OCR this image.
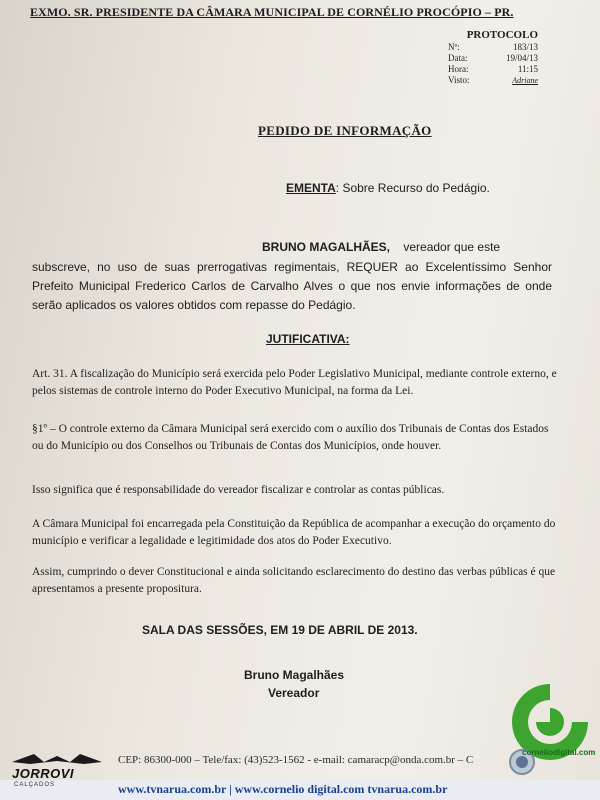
EXMO. SR. PRESIDENTE DA CÂMARA MUNICIPAL DE CORNÉLIO PROCÓPIO – PR.
PROTOCOLO
Nº:	183/13
Data:	19/04/13
Hora:	11:15
Visto:	Adriane
PEDIDO DE INFORMAÇÃO
EMENTA: Sobre Recurso do Pedágio.
BRUNO MAGALHÃES, vereador que este
subscreve, no uso de suas prerrogativas regimentais, REQUER ao Excelentíssimo Senhor Prefeito Municipal Frederico Carlos de Carvalho Alves o que nos envie informações de onde serão aplicados os valores obtidos com repasse do Pedágio.
JUTIFICATIVA:
Art. 31. A fiscalização do Município será exercida pelo Poder Legislativo Municipal, mediante controle externo, e pelos sistemas de controle interno do Poder Executivo Municipal, na forma da Lei.
§1º – O controle externo da Câmara Municipal será exercido com o auxílio dos Tribunais de Contas dos Estados ou do Município ou dos Conselhos ou Tribunais de Contas dos Municípios, onde houver.
Isso significa que é responsabilidade do vereador fiscalizar e controlar as contas públicas.
A Câmara Municipal foi encarregada pela Constituição da República de acompanhar a execução do orçamento do município e verificar a legalidade e legitimidade dos atos do Poder Executivo.
Assim, cumprindo o dever Constitucional e ainda solicitando esclarecimento do destino das verbas públicas é que apresentamos a presente propositura.
SALA DAS SESSÕES, EM 19 DE ABRIL DE 2013.
Bruno Magalhães
Vereador
CEP: 86300-000 – Tele/fax: (43)523-1562 - e-mail: camaracp@onda.com.br – C
www.tvnarua.com.br | www.cornelio digital.com tvnarua.com.br
JORROVI
CALÇADOS
corneliodigital.com
